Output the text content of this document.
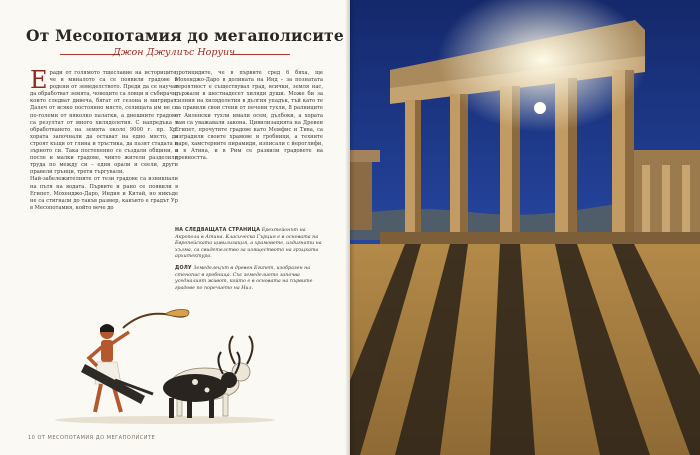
От Месопотамия до мегаполисите
Джон Джулиъс Норуич
Е ради от голямото тщеславие на историците, че в миналото са се появили градове и родени от земеделството. Преди да се научат да обработват земята, човеците са ловци и събирачи, които следват дивечa, бягат от сезона и мигрират. Далеч от всяко постоянно място, селищата им не са по-големи от няколко палатки, а днешните градове са резултат от много хилядолетия. С напредъка в обработването на земята около 9000 г. пр. Хр. хората започнали да остават на едно място, да строят къщи от глина и тръстика, да пазят стадата и зърното си. Така постепенно се създали общини, а после и малки градове, чиито жители разделили труда по между си – едни орали и сеели, други правели грънци, трети търгували.
Най-забележителните от тези градове са изникнали на пътя на водата. Първите и рано се появили в Египет, Мохенджо-Даро, Индия и Китай, но никъде не са стигнали до такъв размер, какъвто е градът Ур в Месопотамия, който вече до
протицидите, че в първите сред 6 бяха, ще Мохенджо-Даро в долината на Инд – за познатата вероятност е съществувал град, всички, земля нас, държали в шестнадесет хиляди души. Може би за силния на хилядолетия в дългия упадък, тъй като те са правили свои стени от печени тухли, 8 ралниците от Аиленски тухли имали осем, дълбоки, а хората там са уважавали закона. Цивилизацията на Древен Египет, прочутите градове като Мемфис и Тива, са изградили своите храмове и гробници, а техните царе, хамстерните пирамиди, изписали с йероглифи, и в Атина, и в Рим се развили градовете на древността.

НА СЛЕДВАЩАТА СТРАНИЦА Ерехтейонът на Акропола в Атина. Класическа Гърция е в основата на Европейската цивилизация, а храмовете, издигнати на хълма, са свидетелство за изяществото на гръцката архитектура.

ДОЛУ Земеделецът в древен Египет, изобразен на стенопис в гробница. Със земеделието започва уседналият живот, който е в основата на първите градове по поречието на Нил.

10 ОТ МЕСОПОТАМИЯ ДО МЕГАПОЛИСИТЕ
